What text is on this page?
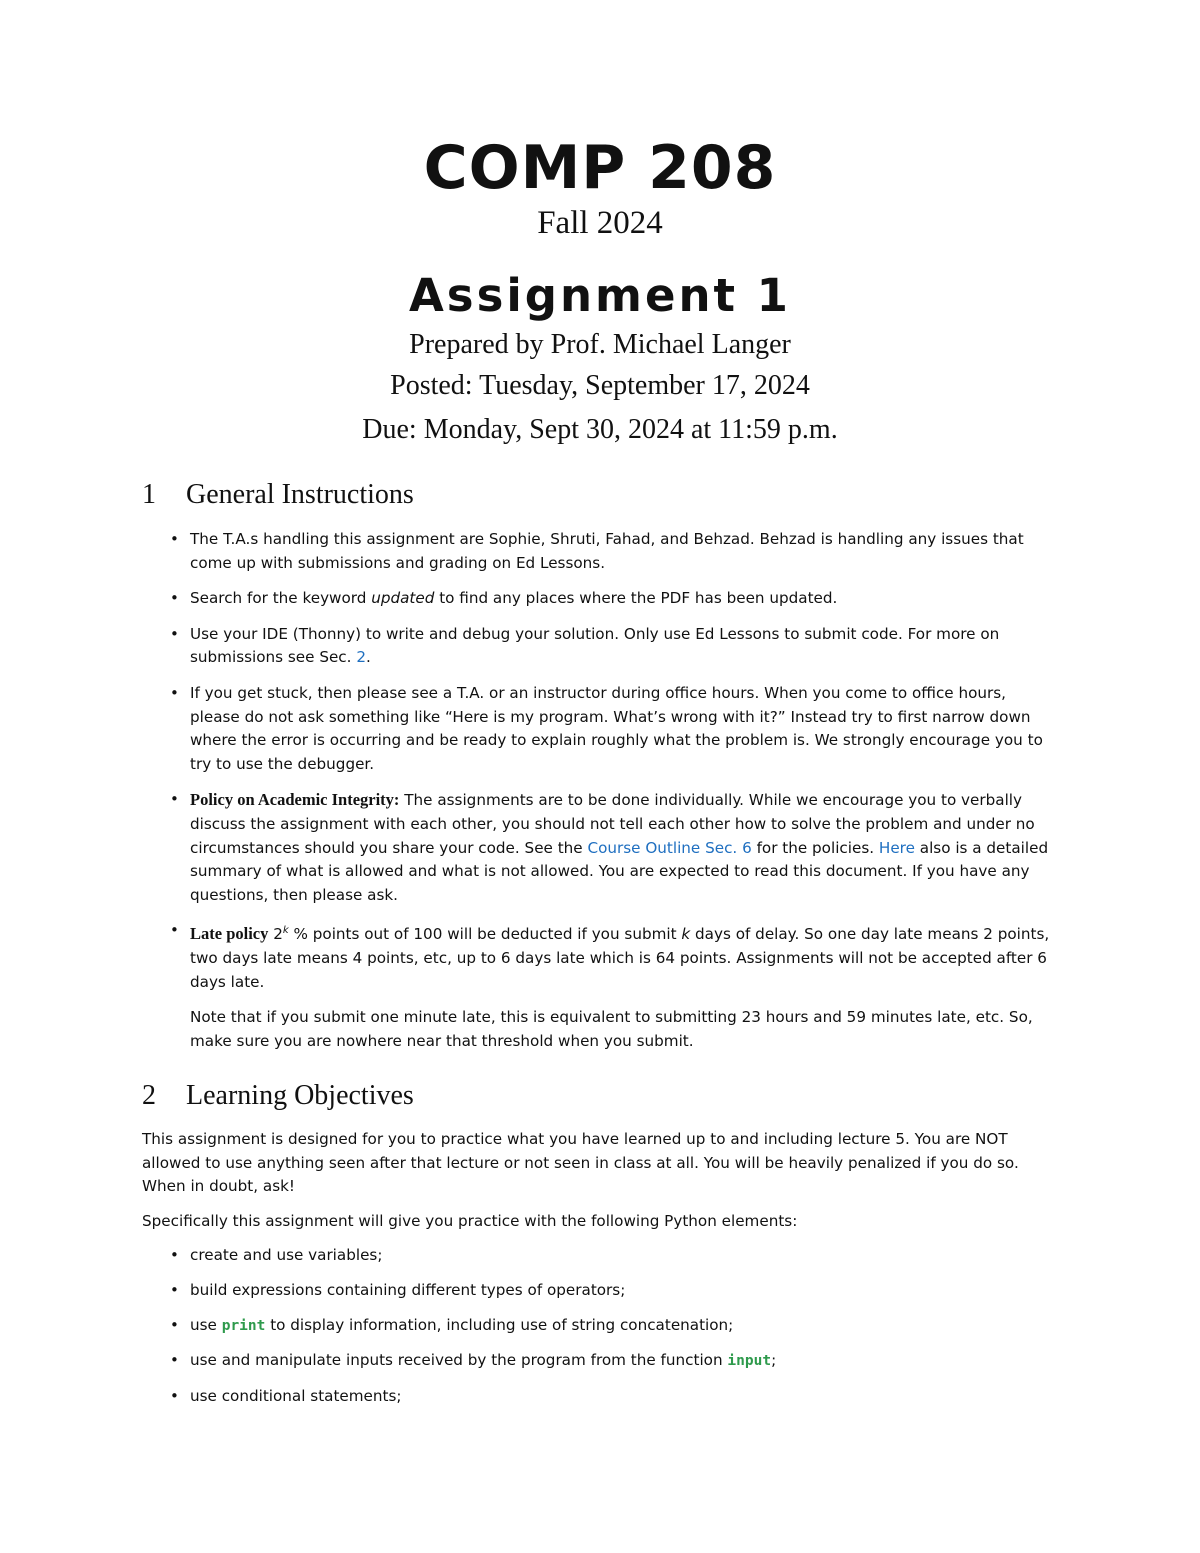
COMP 208
Fall 2024
Assignment 1
Prepared by Prof. Michael Langer
Posted: Tuesday, September 17, 2024
Due: Monday, Sept 30, 2024 at 11:59 p.m.
1 General Instructions
• The T.A.s handling this assignment are Sophie, Shruti, Fahad, and Behzad. Behzad is handling any issues that come up with submissions and grading on Ed Lessons.
• Search for the keyword updated to find any places where the PDF has been updated.
• Use your IDE (Thonny) to write and debug your solution. Only use Ed Lessons to submit code. For more on submissions see Sec. 2.
• If you get stuck, then please see a T.A. or an instructor during office hours. When you come to office hours, please do not ask something like “Here is my program. What’s wrong with it?” Instead try to first narrow down where the error is occurring and be ready to explain roughly what the problem is. We strongly encourage you to try to use the debugger.
• Policy on Academic Integrity: The assignments are to be done individually. While we encourage you to verbally discuss the assignment with each other, you should not tell each other how to solve the problem and under no circumstances should you share your code. See the Course Outline Sec. 6 for the policies. Here also is a detailed summary of what is allowed and what is not allowed. You are expected to read this document. If you have any questions, then please ask.
• Late policy 2$^k$ % points out of 100 will be deducted if you submit k days of delay. So one day late means 2 points, two days late means 4 points, etc, up to 6 days late which is 64 points. Assignments will not be accepted after 6 days late.

Note that if you submit one minute late, this is equivalent to submitting 23 hours and 59 minutes late, etc. So, make sure you are nowhere near that threshold when you submit.

2 Learning Objectives

This assignment is designed for you to practice what you have learned up to and including lecture 5. You are NOT allowed to use anything seen after that lecture or not seen in class at all. You will be heavily penalized if you do so. When in doubt, ask!

Specifically this assignment will give you practice with the following Python elements:

• create and use variables;
• build expressions containing different types of operators;
• use print to display information, including use of string concatenation;
• use and manipulate inputs received by the program from the function input;
• use conditional statements;
